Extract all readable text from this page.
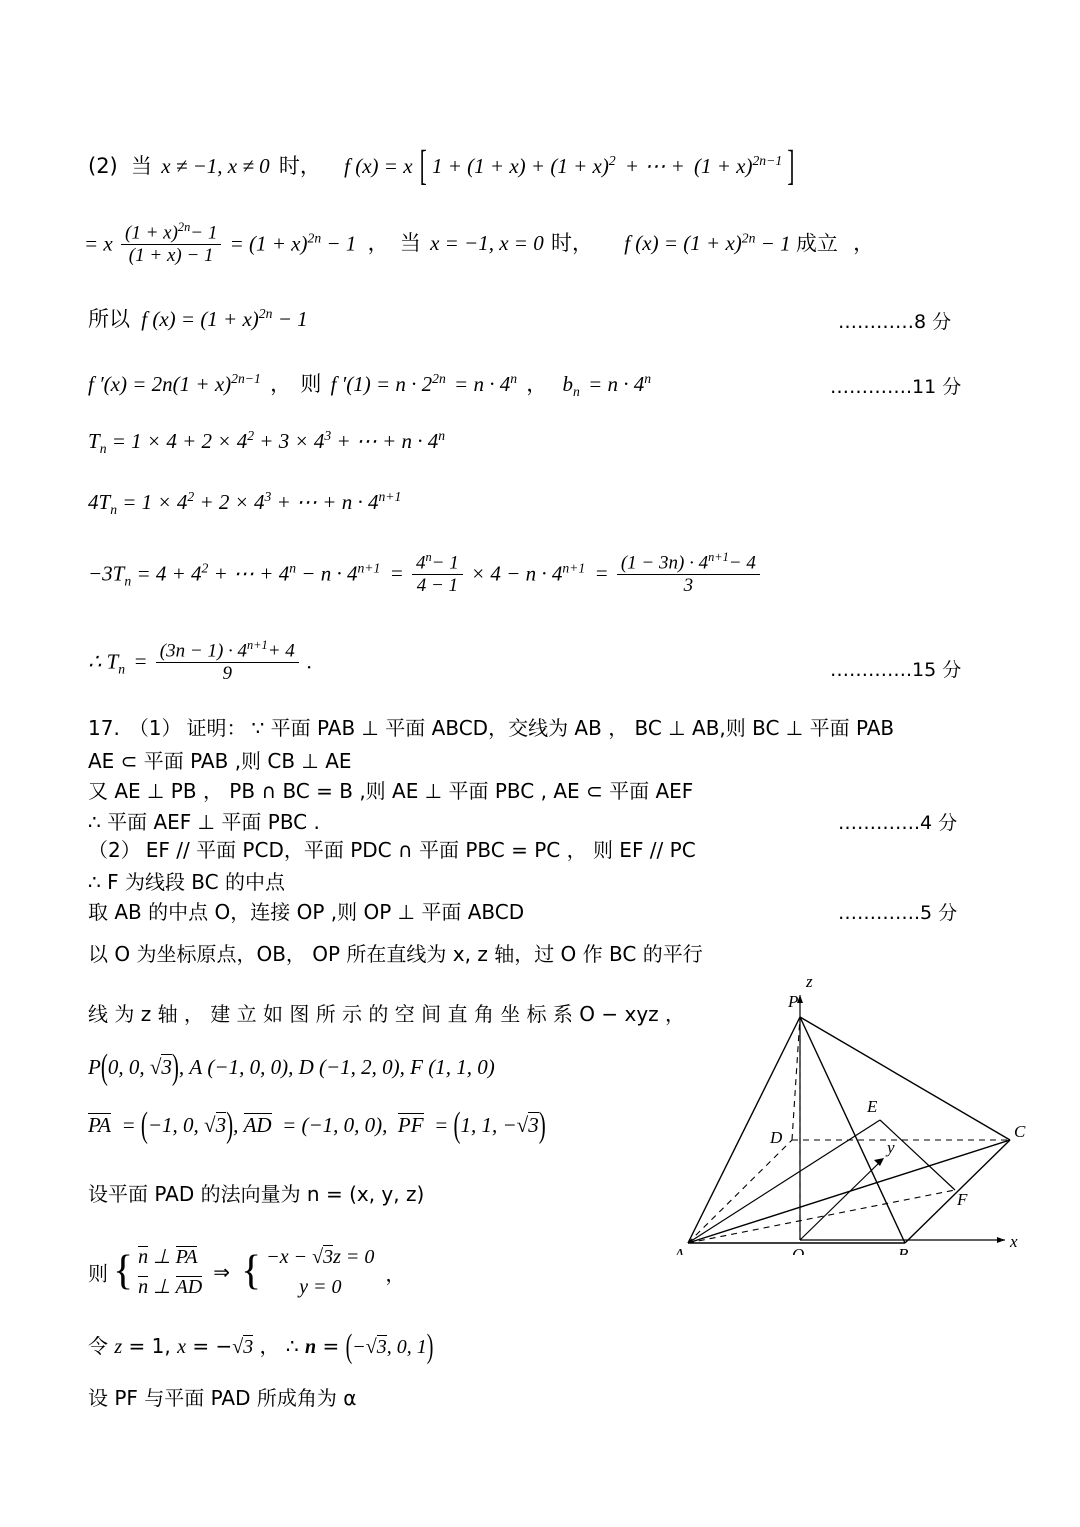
(2) 当 x ≠ −1, x ≠ 0 时， f (x) = x [ $1 + (1 + x) + (1 + x)^2$ + ⋯ + $(1 + x)^{2n-1}$ ]
= x $\frac{(1 + x)^{2n}- 1}{(1 + x) - 1} = (1 + x)^{2n} - 1$ ， 当 x = −1, x = 0 时， f $(x) = (1 + x)^{2n} - 1$ 成立 ，
所以 f $(x) = (1 + x)^{2n} - 1$	…………8 分
f $'(x) = 2n(1 + x)^{2n-1}$ ， 则 f $'(1) = n \cdot 2^{2n} = n \cdot 4^n$ ， $b_n = n \cdot 4^n$	………….11 分
$T_n = 1 \times 4 + 2 \times 4^2 + 3 \times 4^3$ + ⋯ + $n \cdot 4^n$
$4T_n = 1 \times 4^2 + 2 \times 4^3$ + ⋯ + $n \cdot 4^{n+1}$
$-3T_n = 4 + 4^2$ + ⋯ + $4^n - n \cdot 4^{n+1} = \frac{4^n- 1}{4 - 1} \times 4 - n \cdot 4^{n+1} = \frac{(1 - 3n) \cdot 4^{n+1}- 4}{3}$
∴ $T_n = \frac{(3n - 1) \cdot 4^{n+1}+ 4}{9}$ .	………….15 分
17. （1） 证明： ∵ 平面 PAB ⊥ 平面 ABCD，交线为 AB ， BC ⊥ AB,则 BC ⊥ 平面 PAB
AE ⊂ 平面 PAB ,则 CB ⊥ AE
又 AE ⊥ PB ， PB ∩ BC = B ,则 AE ⊥ 平面 PBC , AE ⊂ 平面 AEF
∴ 平面 AEF ⊥ 平面 PBC .	………….4 分
（2） EF // 平面 PCD，平面 PDC ∩ 平面 PBC = PC ， 则 EF // PC
∴ F 为线段 BC 的中点
取 AB 的中点 O，连接 OP ,则 OP ⊥ 平面 ABCD	………….5 分
以 O 为坐标原点，OB， OP 所在直线为 x, z 轴，过 O 作 BC 的平行
线 为 z 轴 ， 建 立 如 图 所 示 的 空 间 直 角 坐 标 系 O − xyz ，
P(0, 0, √3), A (−1, 0, 0), D (−1, 2, 0), F (1, 1, 0)
PA  = (−1, 0, √3), AD  = (−1, 0, 0),  PF  = (1, 1, −√3)
设平面 PAD 的法向量为 n = (x, y, z)
则 { n ⊥ PA
n ⊥ AD
⇒ { −x − √3z = 0
y = 0
，
令 z = 1, x = −√3 ， ∴ n = (−√3, 0, 1)
设 PF 与平面 PAD 所成角为 α
z
x
y
P
A	B
C
D
E
F
O
